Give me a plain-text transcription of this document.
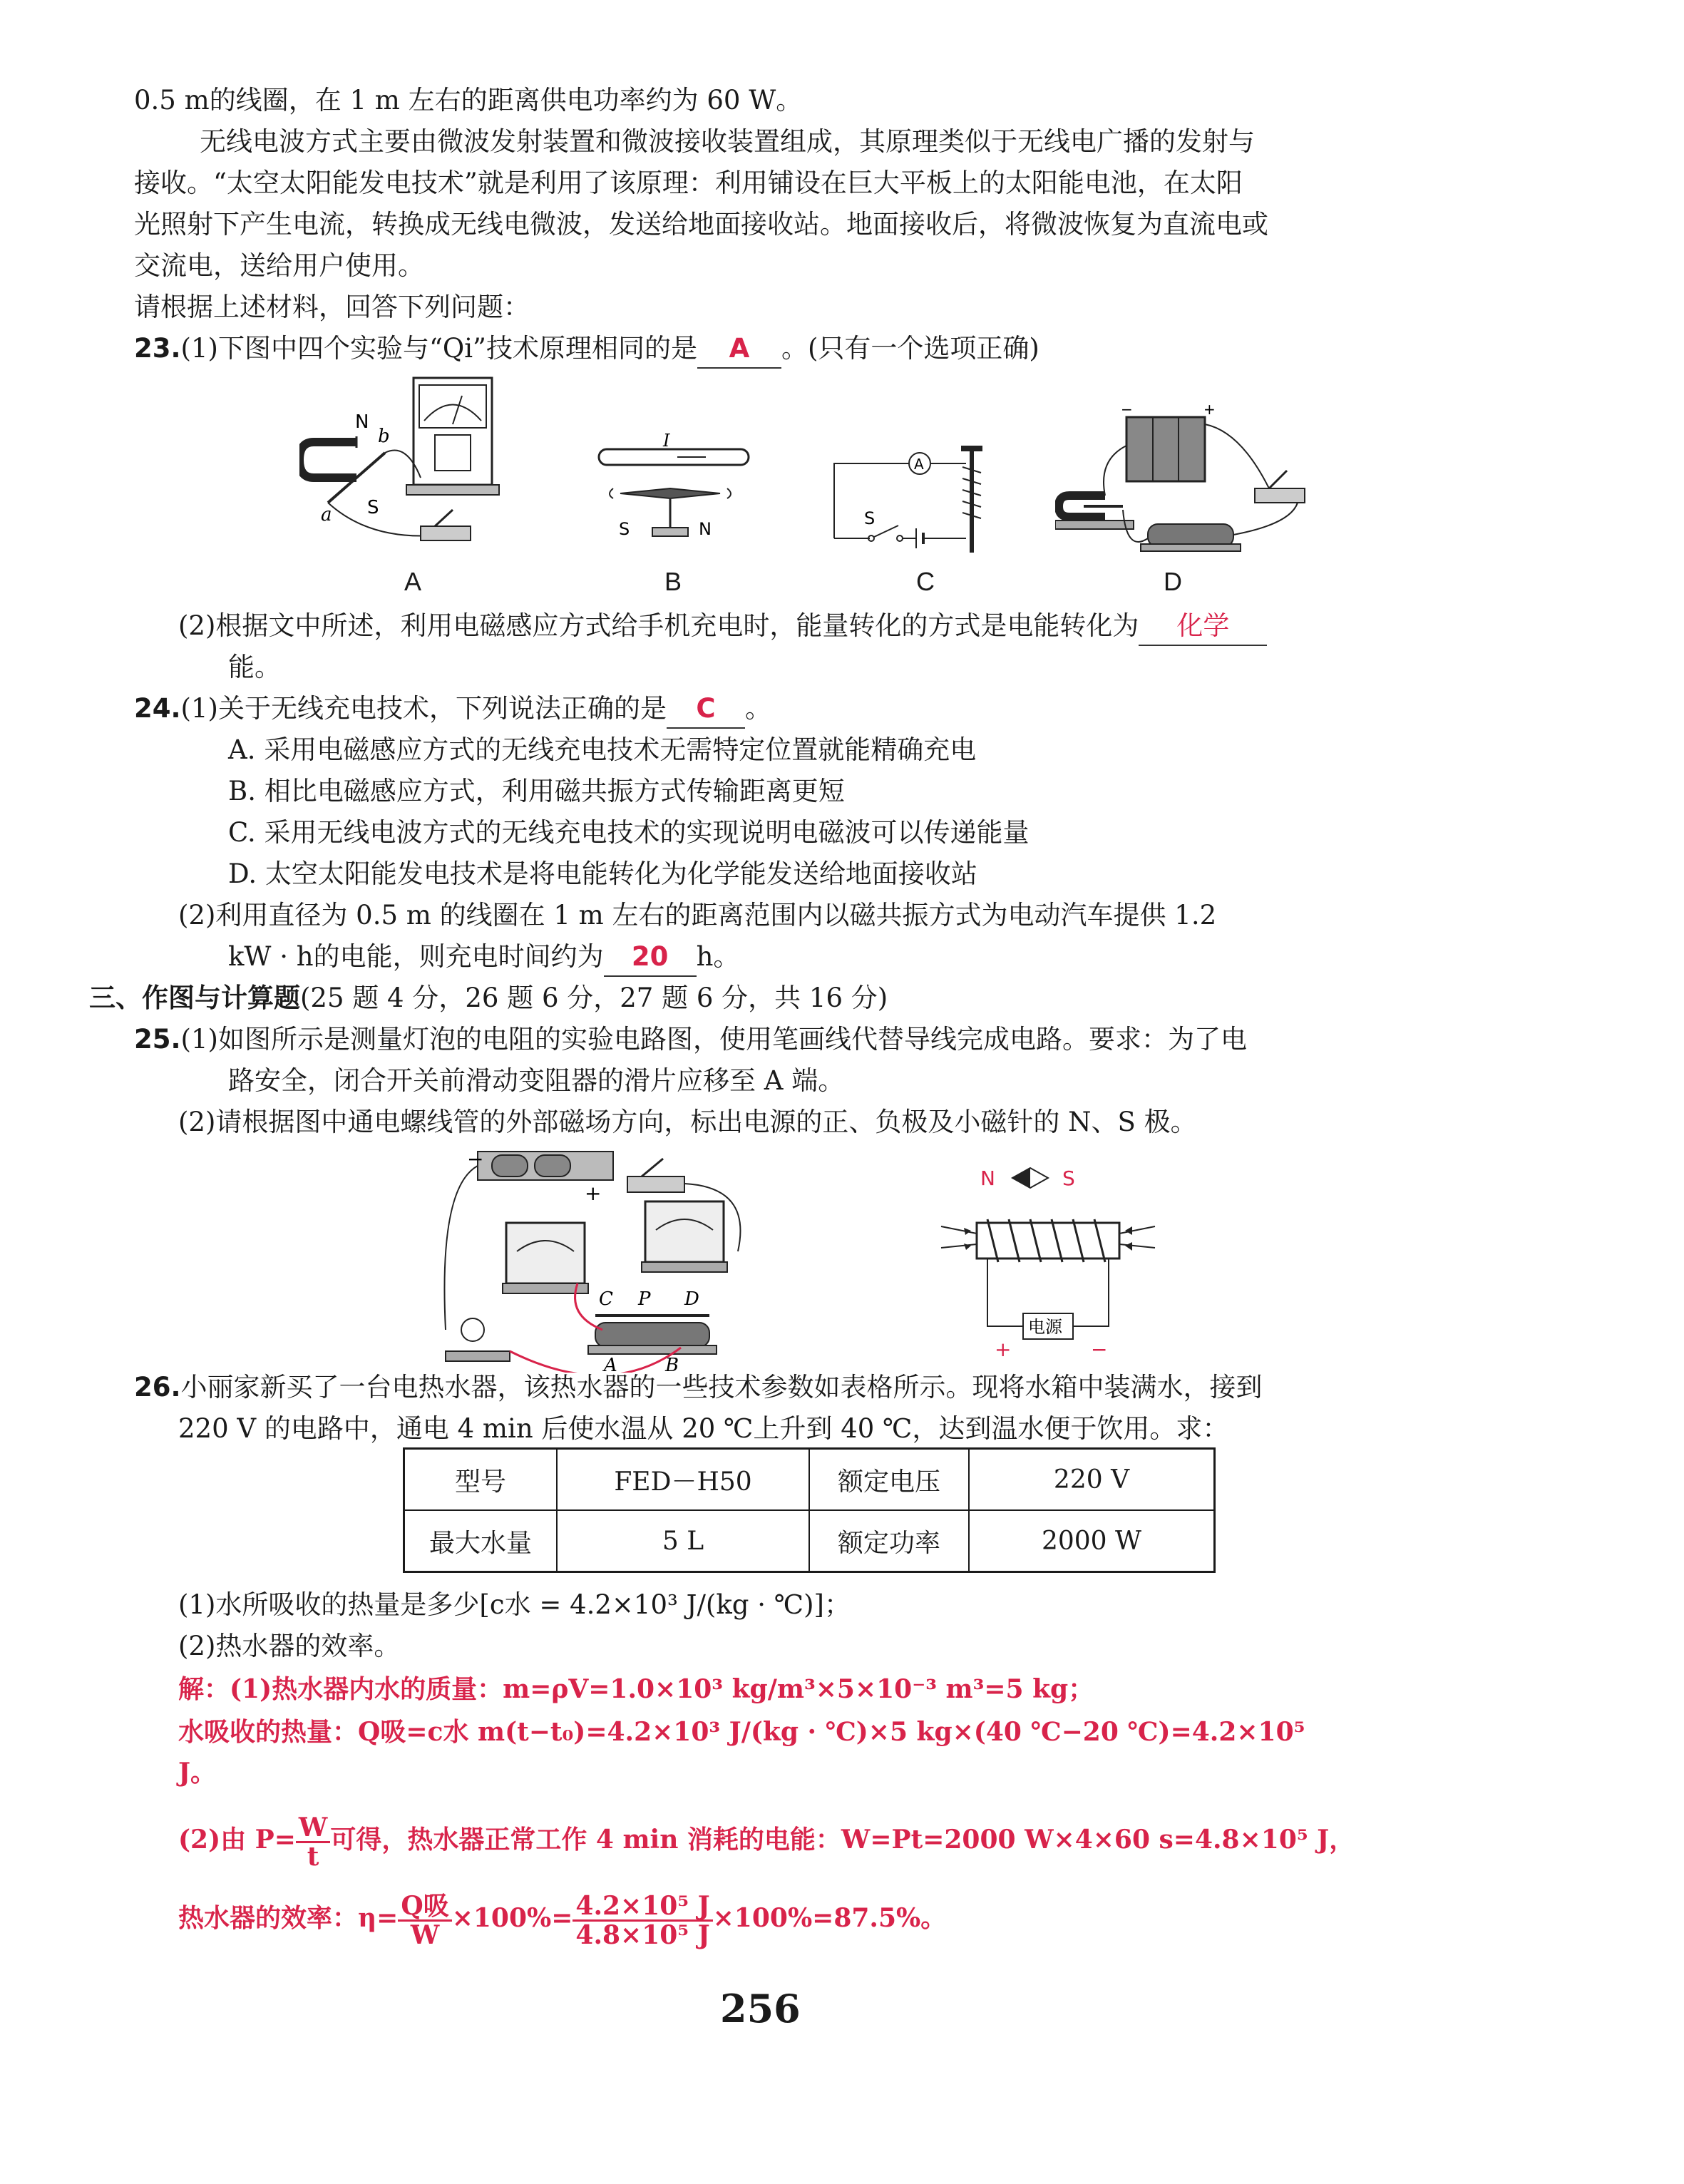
0.5 m的线圈，在 1 m 左右的距离供电功率约为 60 W。
无线电波方式主要由微波发射装置和微波接收装置组成，其原理类似于无线电广播的发射与
接收。“太空太阳能发电技术”就是利用了该原理：利用铺设在巨大平板上的太阳能电池，在太阳
光照射下产生电流，转换成无线电微波，发送给地面接收站。地面接收后，将微波恢复为直流电或
交流电，送给用户使用。
请根据上述材料，回答下列问题：
23.(1)下图中四个实验与“Qi”技术原理相同的是 A 。(只有一个选项正确)
N
S
a
b
A
I
S	N
B
A
S
C
−	+
D
(2)根据文中所述，利用电磁感应方式给手机充电时，能量转化的方式是电能转化为 化学
能。
24.(1)关于无线充电技术，下列说法正确的是 C 。
A. 采用电磁感应方式的无线充电技术无需特定位置就能精确充电
B. 相比电磁感应方式，利用磁共振方式传输距离更短
C. 采用无线电波方式的无线充电技术的实现说明电磁波可以传递能量
D. 太空太阳能发电技术是将电能转化为化学能发送给地面接收站
(2)利用直径为 0.5 m 的线圈在 1 m 左右的距离范围内以磁共振方式为电动汽车提供 1.2
kW · h的电能，则充电时间约为 20 h。
三、作图与计算题(25 题 4 分，26 题 6 分，27 题 6 分，共 16 分)
25.(1)如图所示是测量灯泡的电阻的实验电路图，使用笔画线代替导线完成电路。要求：为了电
路安全，闭合开关前滑动变阻器的滑片应移至 A 端。
(2)请根据图中通电螺线管的外部磁场方向，标出电源的正、负极及小磁针的 N、S 极。
−
+
C P D
A	B
N	S
电源
+	−
26.小丽家新买了一台电热水器，该热水器的一些技术参数如表格所示。现将水箱中装满水，接到
220 V 的电路中，通电 4 min 后使水温从 20 ℃上升到 40 ℃，达到温水便于饮用。求：
型号	FED－H50	额定电压	220 V
最大水量	5 L	额定功率	2000 W
(1)水所吸收的热量是多少[c水 = 4.2×10³ J/(kg · ℃)]；
(2)热水器的效率。
解：(1)热水器内水的质量：m=ρV=1.0×10³ kg/m³×5×10⁻³ m³=5 kg；
水吸收的热量：Q吸=c水 m(t−t₀)=4.2×10³ J/(kg · ℃)×5 kg×(40 ℃−20 ℃)=4.2×10⁵
J。
(2)由 $P= \frac{W}{t}$ 可得，热水器正常工作 4 min 消耗的电能：W=Pt=2000 W×4×60 s=4.8×10⁵ J，
热水器的效率：$\eta= \frac{\text{Q吸}}{W} \times 100\%= \frac{\text{4.2×10⁵ J}}{\text{4.8×10⁵ J}} \times 100\%=87.5\%$。
256
